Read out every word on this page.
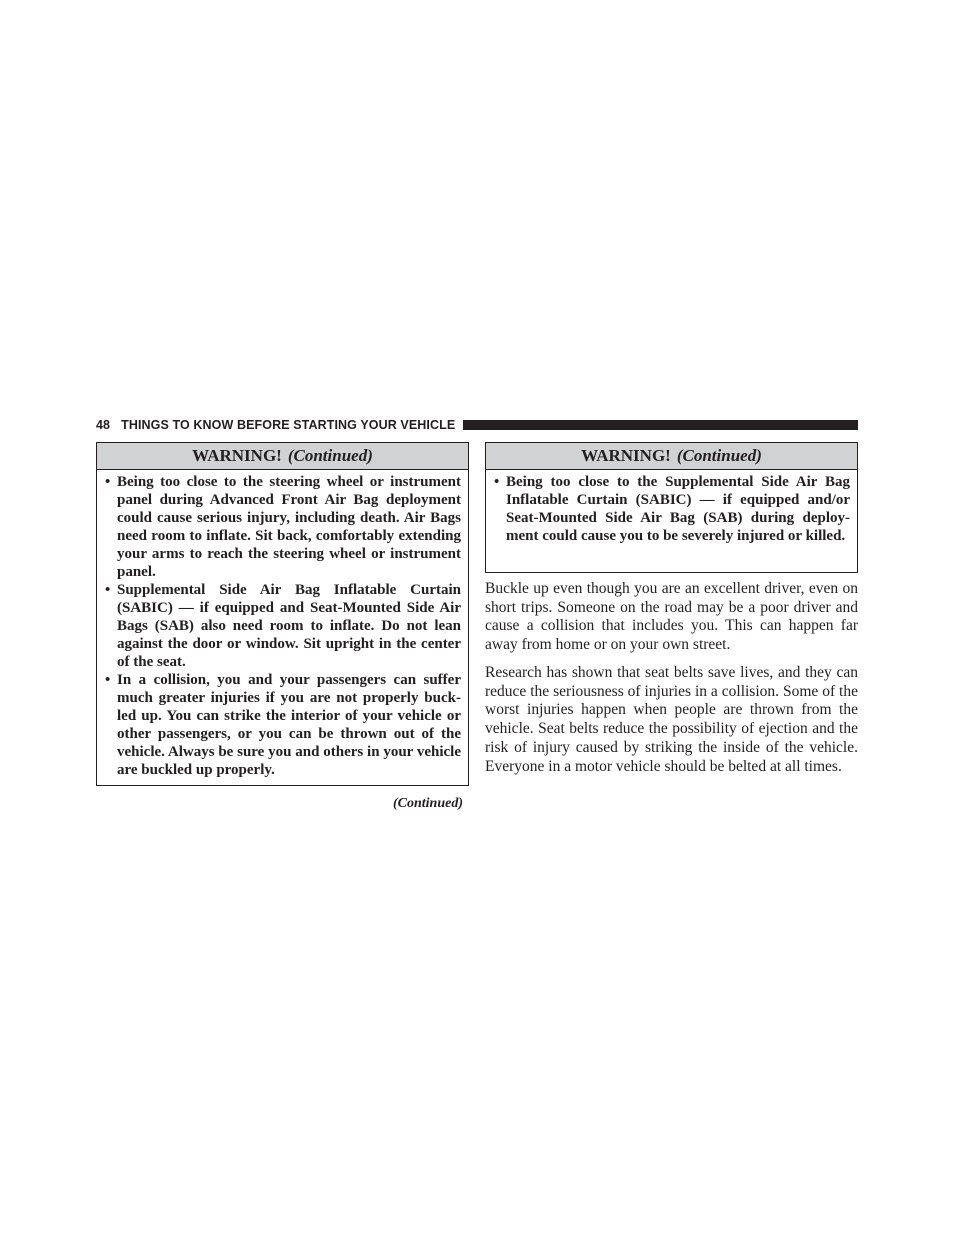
48 THINGS TO KNOW BEFORE STARTING YOUR VEHICLE
WARNING! (Continued)
• Being too close to the steering wheel or instrument panel during Advanced Front Air Bag deployment could cause serious injury, including death. Air Bags need room to inflate. Sit back, comfortably extending your arms to reach the steering wheel or instrument panel.
• Supplemental Side Air Bag Inflatable Curtain (SABIC) — if equipped and Seat-Mounted Side Air Bags (SAB) also need room to inflate. Do not lean against the door or window. Sit upright in the center of the seat.
• In a collision, you and your passengers can suffer much greater injuries if you are not properly buck-led up. You can strike the interior of your vehicle or other passengers, or you can be thrown out of the vehicle. Always be sure you and others in your vehicle are buckled up properly.
(Continued)
WARNING! (Continued)
• Being too close to the Supplemental Side Air Bag Inflatable Curtain (SABIC) — if equipped and/or Seat-Mounted Side Air Bag (SAB) during deploy-ment could cause you to be severely injured or killed.

Buckle up even though you are an excellent driver, even on short trips. Someone on the road may be a poor driver and cause a collision that includes you. This can happen far away from home or on your own street.

Research has shown that seat belts save lives, and they can reduce the seriousness of injuries in a collision. Some of the worst injuries happen when people are thrown from the vehicle. Seat belts reduce the possibility of ejection and the risk of injury caused by striking the inside of the vehicle. Everyone in a motor vehicle should be belted at all times.
